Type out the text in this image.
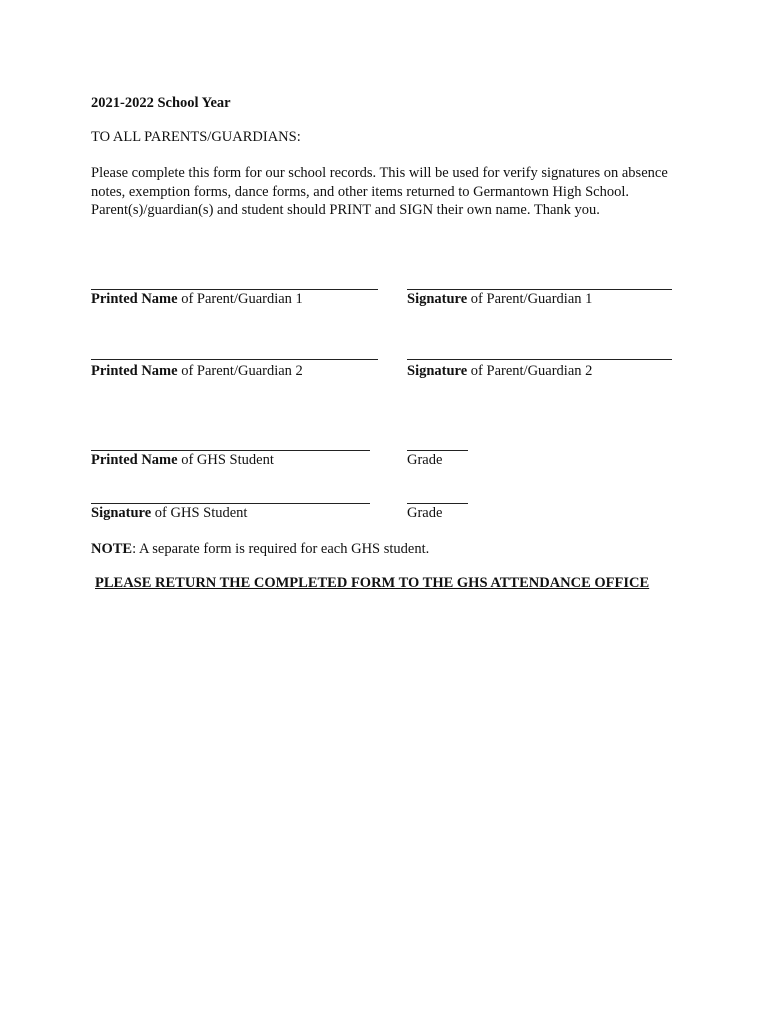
2021-2022 School Year
TO ALL PARENTS/GUARDIANS:
Please complete this form for our school records. This will be used for verify signatures on absence notes, exemption forms, dance forms, and other items returned to Germantown High School. Parent(s)/guardian(s) and student should PRINT and SIGN their own name. Thank you.
Printed Name of Parent/Guardian 1	Signature of Parent/Guardian 1
Printed Name of Parent/Guardian 2	Signature of Parent/Guardian 2
Printed Name of GHS Student	Grade
Signature of GHS Student	Grade
NOTE: A separate form is required for each GHS student.
PLEASE RETURN THE COMPLETED FORM TO THE GHS ATTENDANCE OFFICE
